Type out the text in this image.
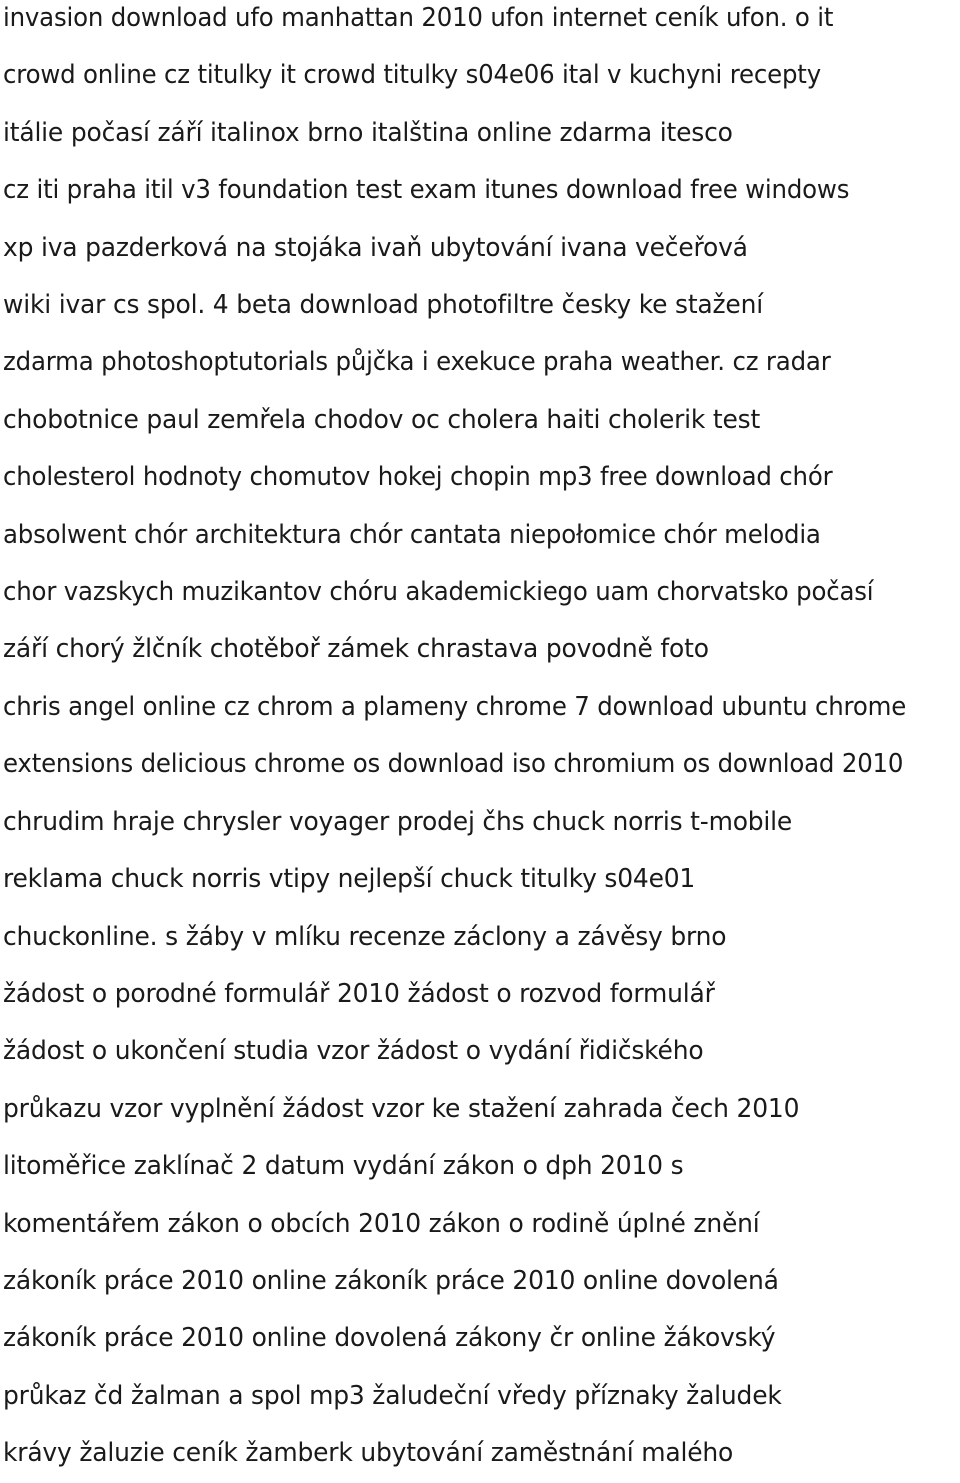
invasion download ufo manhattan 2010 ufon internet ceník ufon. o it
crowd online cz titulky it crowd titulky s04e06 ital v kuchyni recepty
itálie počasí září italinox brno italština online zdarma itesco
cz iti praha itil v3 foundation test exam itunes download free windows
xp iva pazderková na stojáka ivaň ubytování ivana večeřová
wiki ivar cs spol. 4 beta download photofiltre česky ke stažení
zdarma photoshoptutorials půjčka i exekuce praha weather. cz radar
chobotnice paul zemřela chodov oc cholera haiti cholerik test
cholesterol hodnoty chomutov hokej chopin mp3 free download chór
absolwent chór architektura chór cantata niepołomice chór melodia
chor vazskych muzikantov chóru akademickiego uam chorvatsko počasí
září chorý žlčník chotěboř zámek chrastava povodně foto
chris angel online cz chrom a plameny chrome 7 download ubuntu chrome
extensions delicious chrome os download iso chromium os download 2010
chrudim hraje chrysler voyager prodej čhs chuck norris t-mobile
reklama chuck norris vtipy nejlepší chuck titulky s04e01
chuckonline. s žáby v mlíku recenze záclony a závěsy brno
žádost o porodné formulář 2010 žádost o rozvod formulář
žádost o ukončení studia vzor žádost o vydání řidičského
průkazu vzor vyplnění žádost vzor ke stažení zahrada čech 2010
litoměřice zaklínač 2 datum vydání zákon o dph 2010 s
komentářem zákon o obcích 2010 zákon o rodině úplné znění
zákoník práce 2010 online zákoník práce 2010 online dovolená
zákoník práce 2010 online dovolená zákony čr online žákovský
průkaz čd žalman a spol mp3 žaludeční vředy příznaky žaludek
krávy žaluzie ceník žamberk ubytování zaměstnání malého
